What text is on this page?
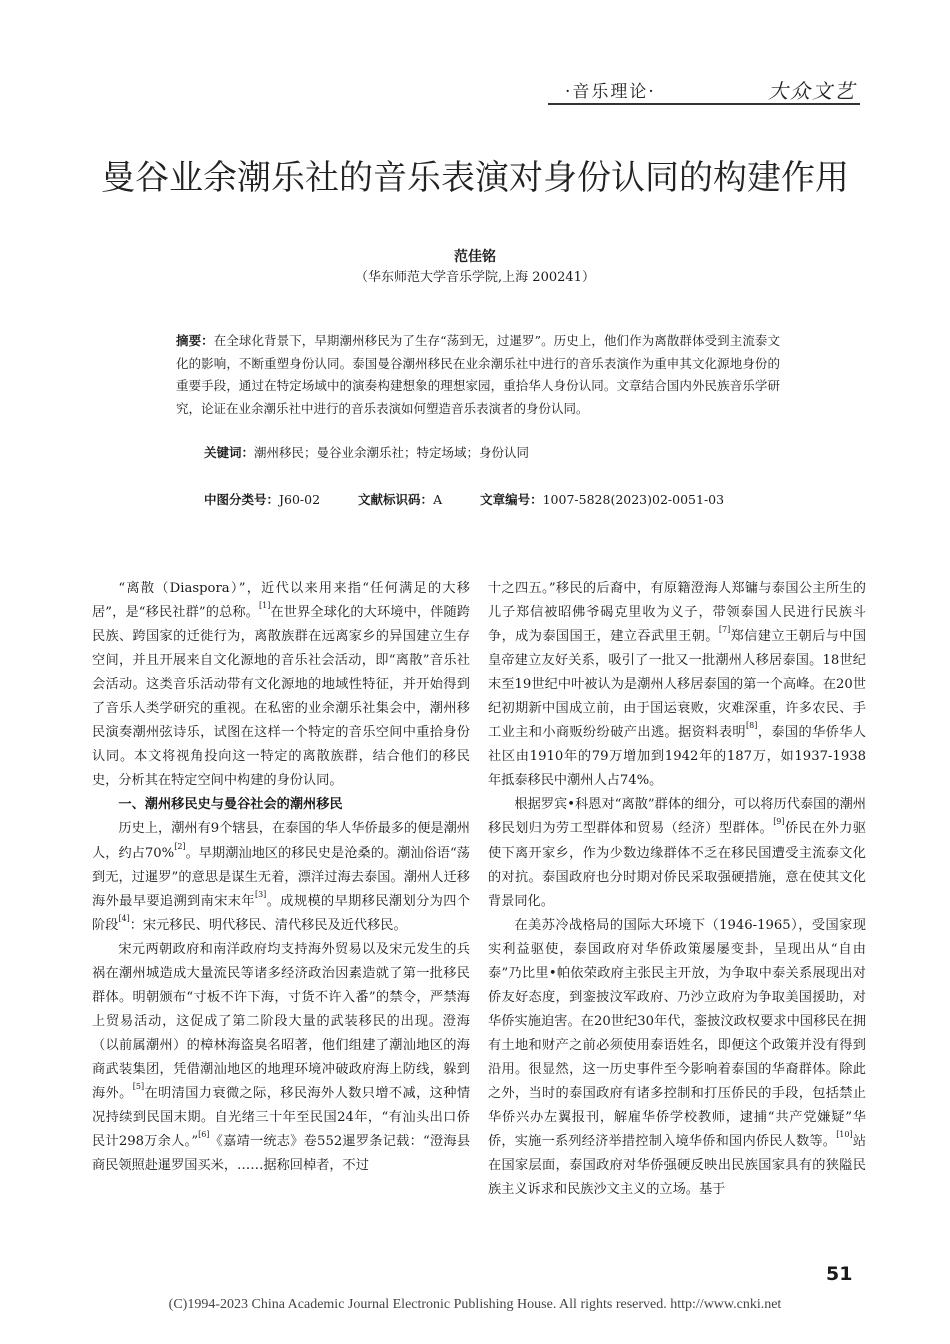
·音乐理论·	大众文艺
曼谷业余潮乐社的音乐表演对身份认同的构建作用
范佳铭
（华东师范大学音乐学院,上海 200241）
摘要：在全球化背景下，早期潮州移民为了生存“荡到无，过暹罗”。历史上，他们作为离散群体受到主流泰文化的影响，不断重塑身份认同。泰国曼谷潮州移民在业余潮乐社中进行的音乐表演作为重申其文化源地身份的重要手段，通过在特定场域中的演奏构建想象的理想家园，重拾华人身份认同。文章结合国内外民族音乐学研究，论证在业余潮乐社中进行的音乐表演如何塑造音乐表演者的身份认同。
关键词：潮州移民；曼谷业余潮乐社；特定场域；身份认同
中图分类号：J60-02	文献标识码：A	文章编号：1007-5828(2023)02-0051-03

“离散（Diaspora）”，近代以来用来指“任何满足的大移居”，是“移民社群”的总称。[1]在世界全球化的大环境中，伴随跨民族、跨国家的迁徙行为，离散族群在远离家乡的异国建立生存空间，并且开展来自文化源地的音乐社会活动，即“离散”音乐社会活动。这类音乐活动带有文化源地的地域性特征，并开始得到了音乐人类学研究的重视。在私密的业余潮乐社集会中，潮州移民演奏潮州弦诗乐，试图在这样一个特定的音乐空间中重拾身份认同。本文将视角投向这一特定的离散族群，结合他们的移民史，分析其在特定空间中构建的身份认同。

一、潮州移民史与曼谷社会的潮州移民

历史上，潮州有9个辖县，在泰国的华人华侨最多的便是潮州人，约占70%[2]。早期潮汕地区的移民史是沧桑的。潮汕俗语“荡到无，过暹罗”的意思是谋生无着，漂洋过海去泰国。潮州人迁移海外最早要追溯到南宋末年[3]。成规模的早期移民潮划分为四个阶段[4]：宋元移民、明代移民、清代移民及近代移民。

宋元两朝政府和南洋政府均支持海外贸易以及宋元发生的兵祸在潮州城造成大量流民等诸多经济政治因素造就了第一批移民群体。明朝颁布“寸板不许下海，寸货不许入番”的禁令，严禁海上贸易活动，这促成了第二阶段大量的武装移民的出现。澄海（以前属潮州）的樟林海盗臭名昭著，他们组建了潮汕地区的海商武装集团，凭借潮汕地区的地理环境冲破政府海上防线，躲到海外。[5]在明清国力衰微之际，移民海外人数只增不减，这种情况持续到民国末期。自光绪三十年至民国24年，“有汕头出口侨民计298万余人。”[6]《嘉靖一统志》卷552暹罗条记载：“澄海县商民领照赴暹罗国买米，……据称回棹者，不过

十之四五。”移民的后裔中，有原籍澄海人郑镛与泰国公主所生的儿子郑信被昭佛爷碣克里收为义子，带领泰国人民进行民族斗争，成为泰国国王，建立吞武里王朝。[7]郑信建立王朝后与中国皇帝建立友好关系，吸引了一批又一批潮州人移居泰国。18世纪末至19世纪中叶被认为是潮州人移居泰国的第一个高峰。在20世纪初期新中国成立前，由于国运衰败，灾难深重，许多农民、手工业主和小商贩纷纷破产出逃。据资料表明[8]，泰国的华侨华人社区由1910年的79万增加到1942年的187万，如1937-1938年抵泰移民中潮州人占74%。

根据罗宾•科恩对“离散”群体的细分，可以将历代泰国的潮州移民划归为劳工型群体和贸易（经济）型群体。[9]侨民在外力驱使下离开家乡，作为少数边缘群体不乏在移民国遭受主流泰文化的对抗。泰国政府也分时期对侨民采取强硬措施，意在使其文化背景同化。

在美苏冷战格局的国际大环境下（1946-1965），受国家现实利益驱使，泰国政府对华侨政策屡屡变卦，呈现出从“自由泰”乃比里•帕依荣政府主张民主开放，为争取中泰关系展现出对侨友好态度，到銮披汶军政府、乃沙立政府为争取美国援助，对华侨实施迫害。在20世纪30年代，銮披汶政权要求中国移民在拥有土地和财产之前必须使用泰语姓名，即便这个政策并没有得到沿用。很显然，这一历史事件至今影响着泰国的华裔群体。除此之外，当时的泰国政府有诸多控制和打压侨民的手段，包括禁止华侨兴办左翼报刊，解雇华侨学校教师，逮捕“共产党嫌疑”华侨，实施一系列经济举措控制入境华侨和国内侨民人数等。[10]站在国家层面，泰国政府对华侨强硬反映出民族国家具有的狭隘民族主义诉求和民族沙文主义的立场。基于

51
(C)1994-2023 China Academic Journal Electronic Publishing House. All rights reserved. http://www.cnki.net
